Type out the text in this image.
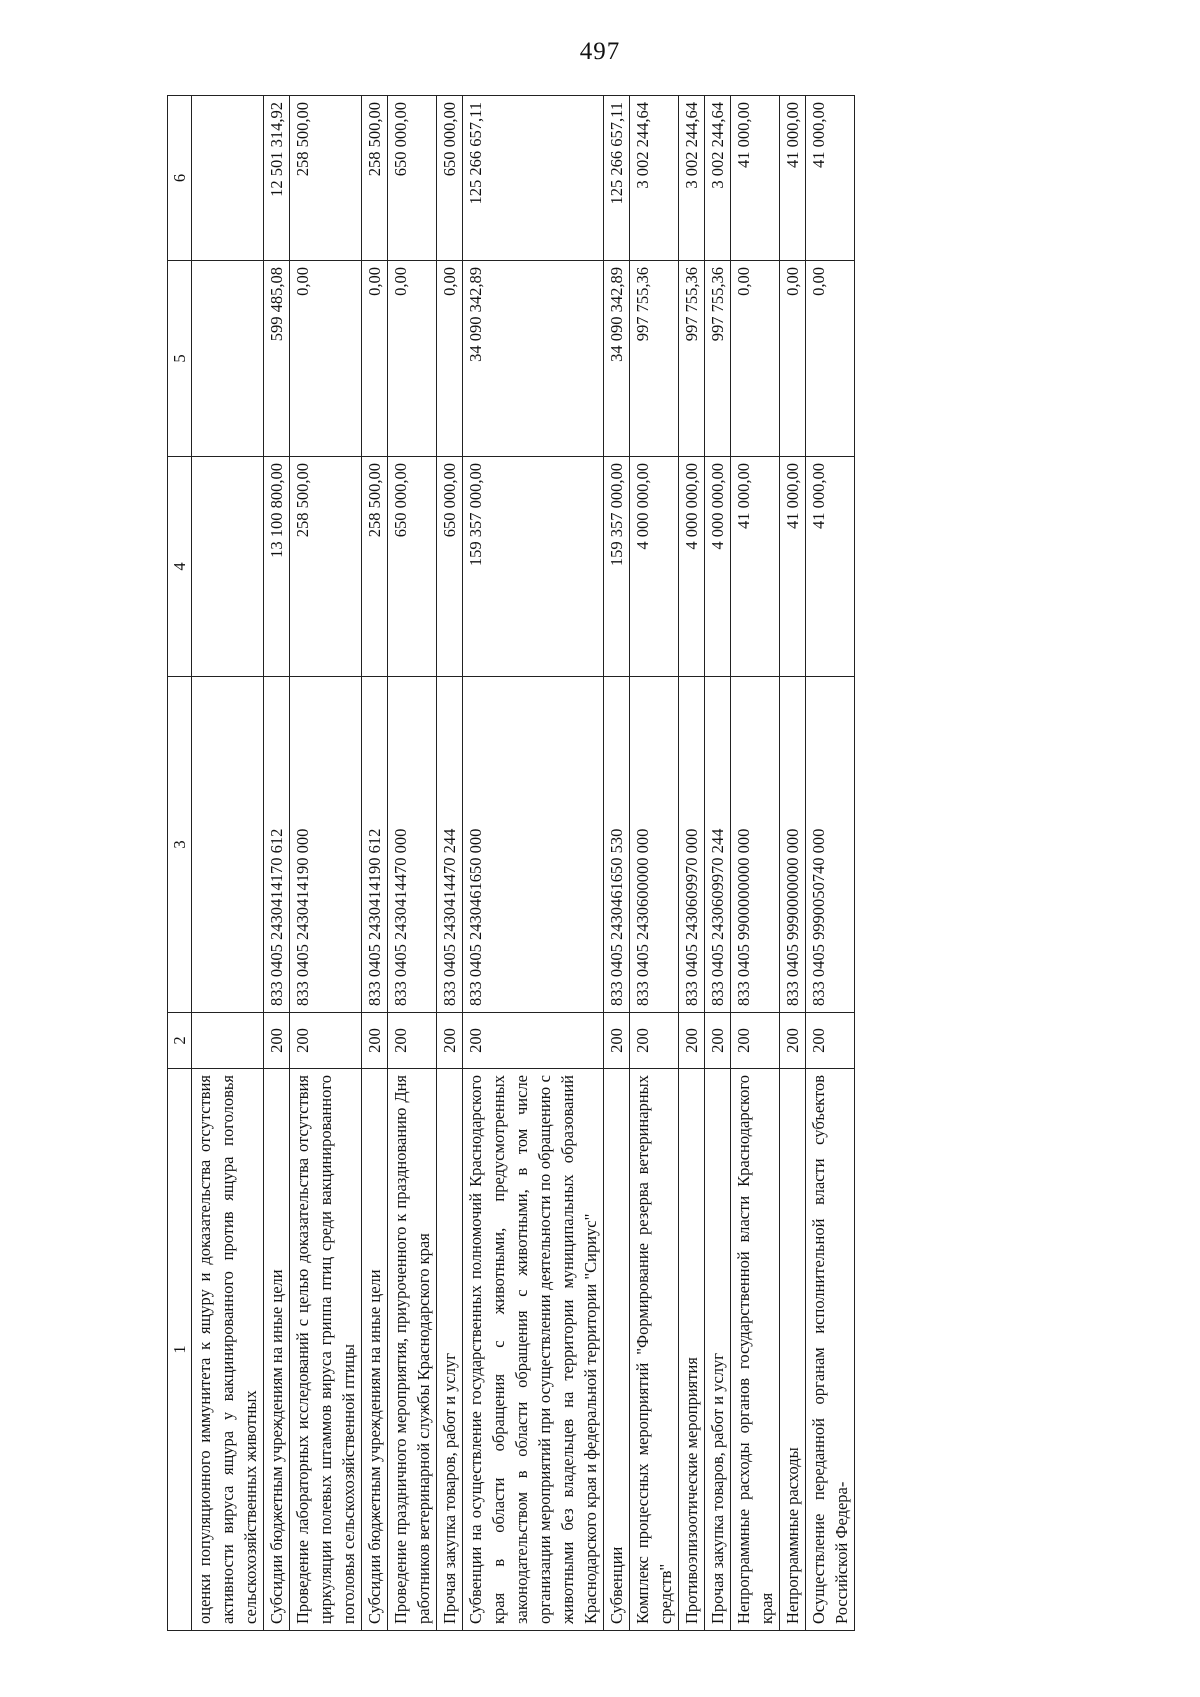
497
1	2	3	4	5	6
оценки популяционного иммунитета к ящуру и доказательства отсутствия активности вируса ящура у вакцинированного против ящура поголовья сельскохозяйственных животных					
Субсидии бюджетным учреждениям на иные цели	200	833 0405 2430414170 612	13 100 800,00	599 485,08	12 501 314,92
Проведение лабораторных исследований с целью доказательства отсутствия циркуляции полевых штаммов вируса гриппа птиц среди вакцинированного поголовья сельскохозяйственной птицы	200	833 0405 2430414190 000	258 500,00	0,00	258 500,00
Субсидии бюджетным учреждениям на иные цели	200	833 0405 2430414190 612	258 500,00	0,00	258 500,00
Проведение праздничного мероприятия, приуроченного к празднованию Дня работников ветеринарной службы Краснодарского края	200	833 0405 2430414470 000	650 000,00	0,00	650 000,00
Прочая закупка товаров, работ и услуг	200	833 0405 2430414470 244	650 000,00	0,00	650 000,00
Субвенции на осуществление государственных полномочий Краснодарского края в области обращения с животными, предусмотренных законодательством в области обращения с животными, в том числе организации мероприятий при осуществлении деятельности по обращению с животными без владельцев на территории муниципальных образований Краснодарского края и федеральной территории "Сириус"	200	833 0405 2430461650 000	159 357 000,00	34 090 342,89	125 266 657,11
Субвенции	200	833 0405 2430461650 530	159 357 000,00	34 090 342,89	125 266 657,11
Комплекс процессных мероприятий "Формирование резерва ветеринарных средств"	200	833 0405 2430600000 000	4 000 000,00	997 755,36	3 002 244,64
Противоэпизоотические мероприятия	200	833 0405 2430609970 000	4 000 000,00	997 755,36	3 002 244,64
Прочая закупка товаров, работ и услуг	200	833 0405 2430609970 244	4 000 000,00	997 755,36	3 002 244,64
Непрограммные расходы органов государственной власти Краснодарского края	200	833 0405 9900000000 000	41 000,00	0,00	41 000,00
Непрограммные расходы	200	833 0405 9990000000 000	41 000,00	0,00	41 000,00
Осуществление переданной органам исполнительной власти субъектов Российской Федера-	200	833 0405 9990050740 000	41 000,00	0,00	41 000,00
